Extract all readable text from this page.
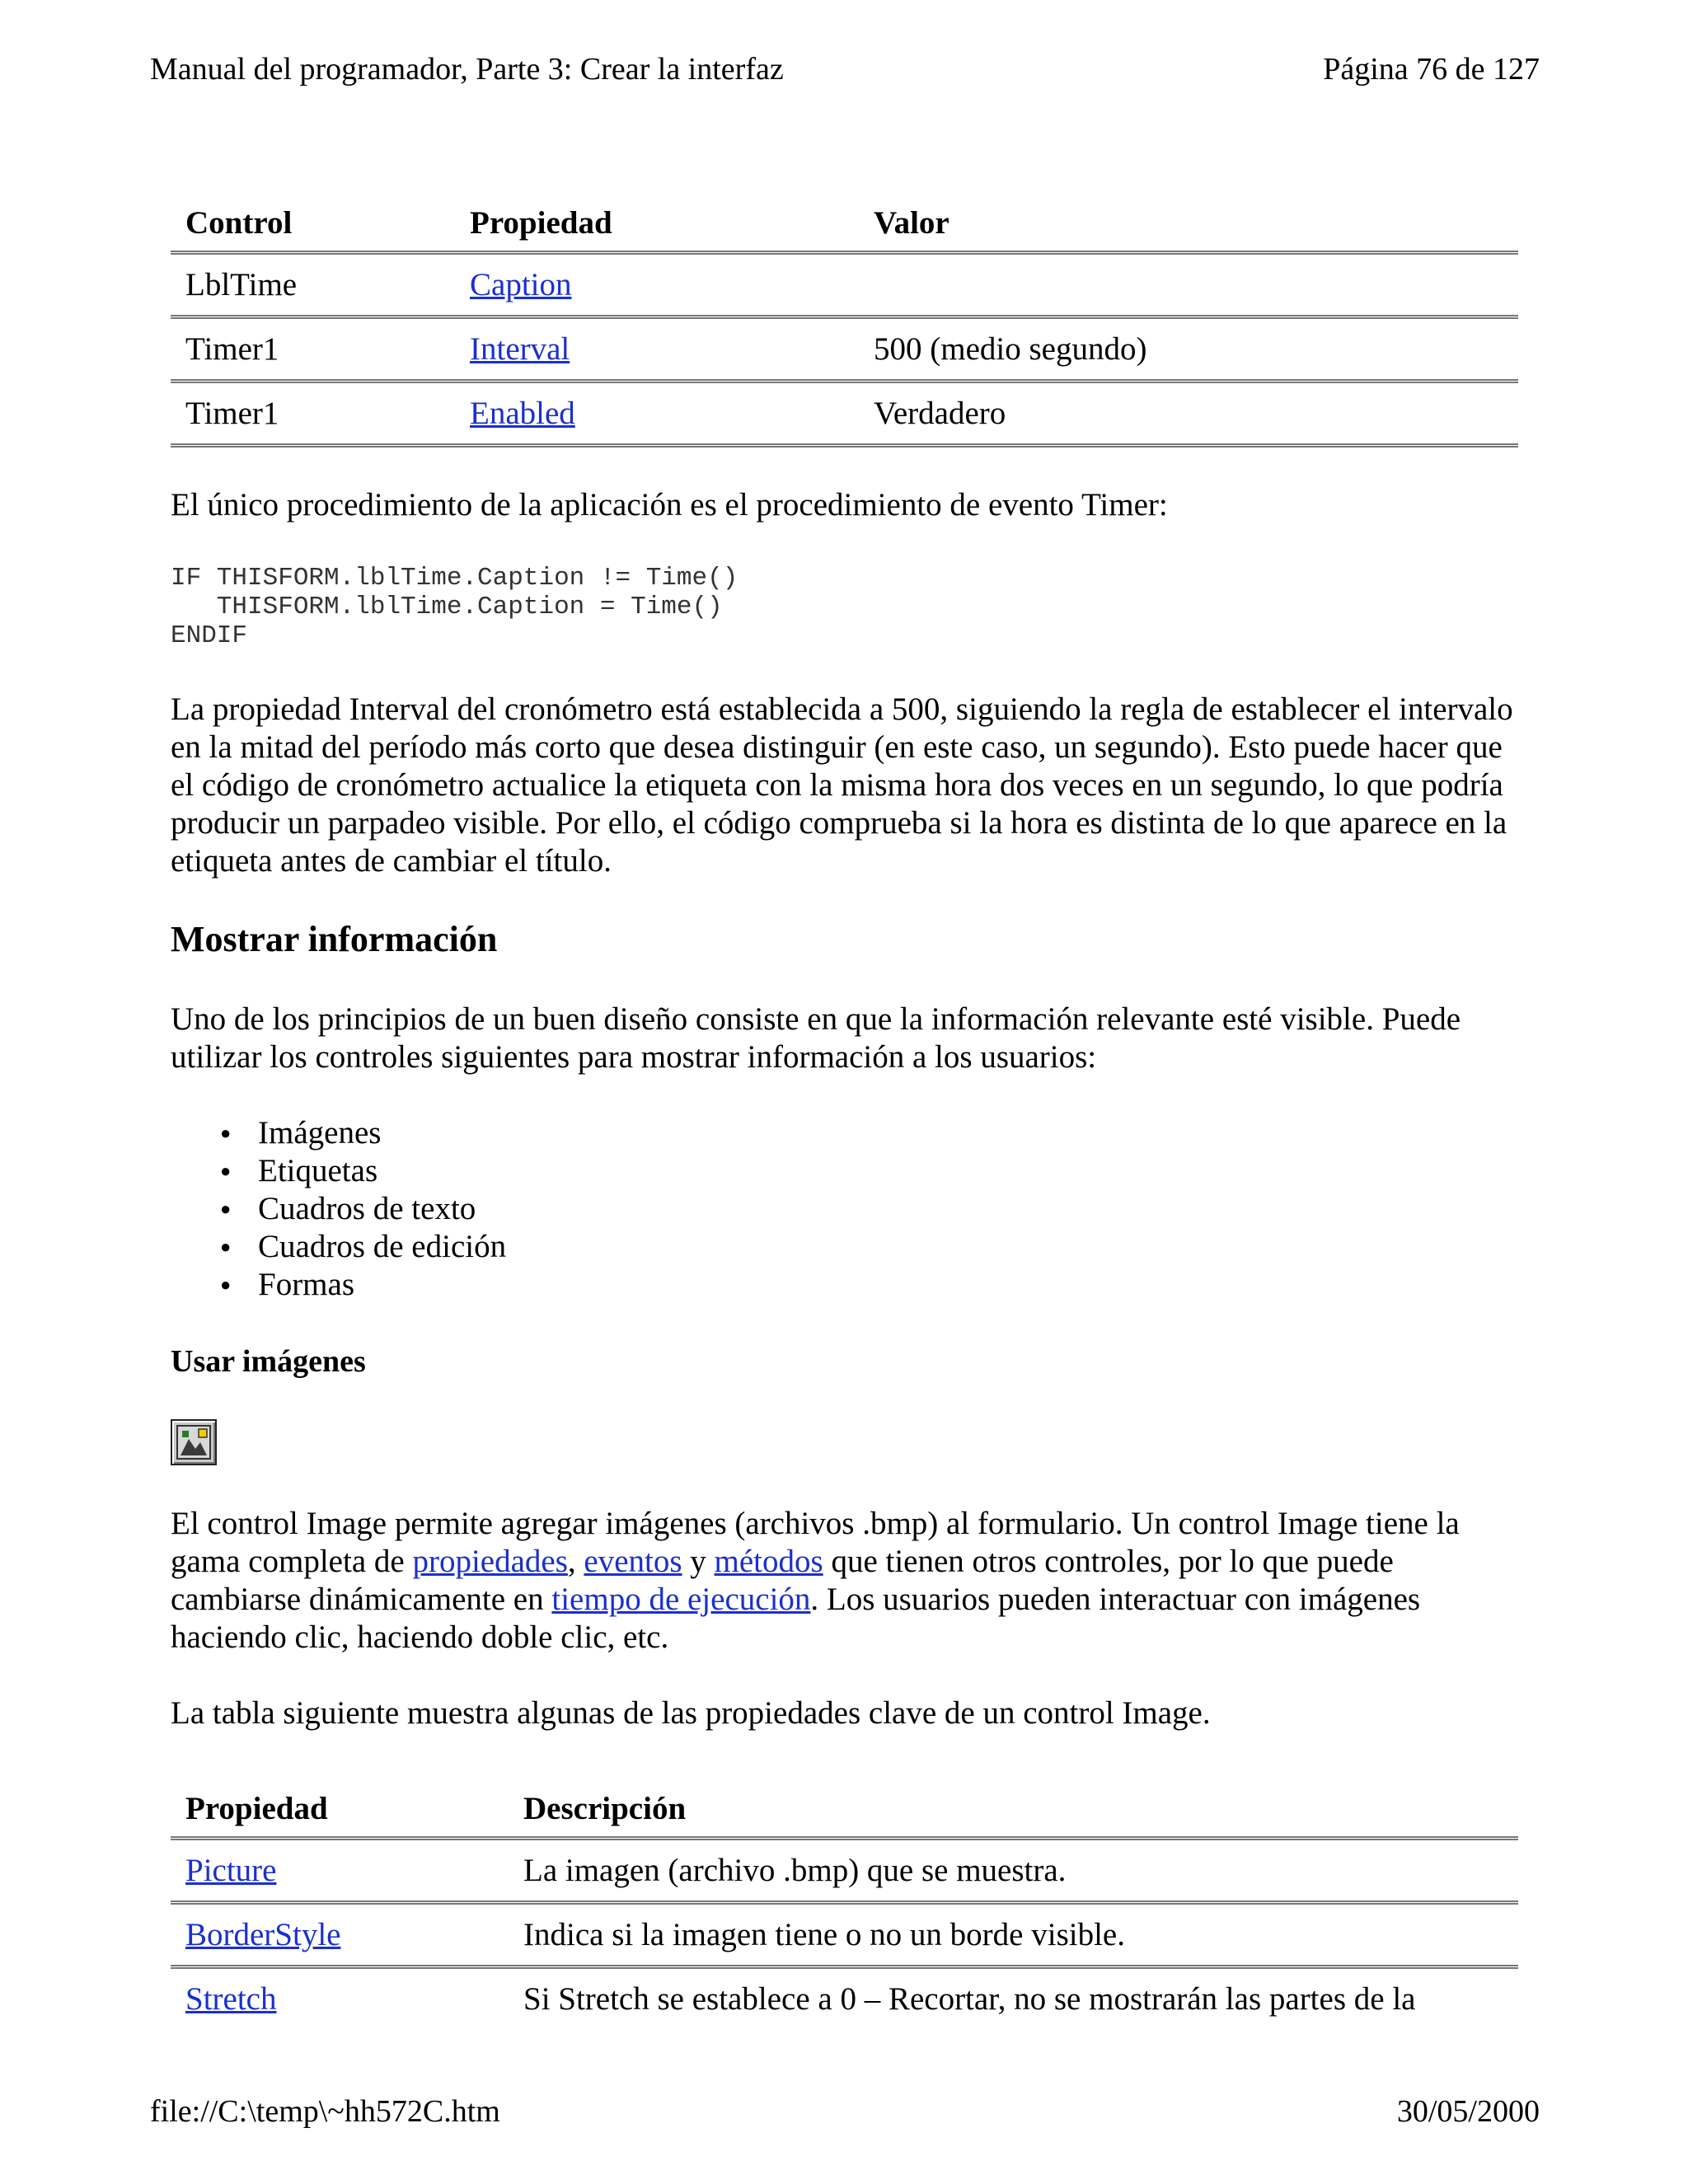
Manual del programador, Parte 3: Crear la interfaz	Página 76 de 127
Control	Propiedad	Valor
LblTime	Caption	
Timer1	Interval	500 (medio segundo)
Timer1	Enabled	Verdadero

El único procedimiento de la aplicación es el procedimiento de evento Timer:

IF THISFORM.lblTime.Caption != Time()
THISFORM.lblTime.Caption = Time()
ENDIF

La propiedad Interval del cronómetro está establecida a 500, siguiendo la regla de establecer el intervalo en la mitad del período más corto que desea distinguir (en este caso, un segundo). Esto puede hacer que el código de cronómetro actualice la etiqueta con la misma hora dos veces en un segundo, lo que podría producir un parpadeo visible. Por ello, el código comprueba si la hora es distinta de lo que aparece en la etiqueta antes de cambiar el título.

Mostrar información

Uno de los principios de un buen diseño consiste en que la información relevante esté visible. Puede utilizar los controles siguientes para mostrar información a los usuarios:

● Imágenes
● Etiquetas
● Cuadros de texto
● Cuadros de edición
● Formas
Usar imágenes

El control Image permite agregar imágenes (archivos .bmp) al formulario. Un control Image tiene la gama completa de propiedades, eventos y métodos que tienen otros controles, por lo que puede cambiarse dinámicamente en tiempo de ejecución. Los usuarios pueden interactuar con imágenes haciendo clic, haciendo doble clic, etc.

La tabla siguiente muestra algunas de las propiedades clave de un control Image.

Propiedad	Descripción
Picture	La imagen (archivo .bmp) que se muestra.
BorderStyle	Indica si la imagen tiene o no un borde visible.
Stretch	Si Stretch se establece a 0 – Recortar, no se mostrarán las partes de la
file://C:\temp\~hh572C.htm	30/05/2000
